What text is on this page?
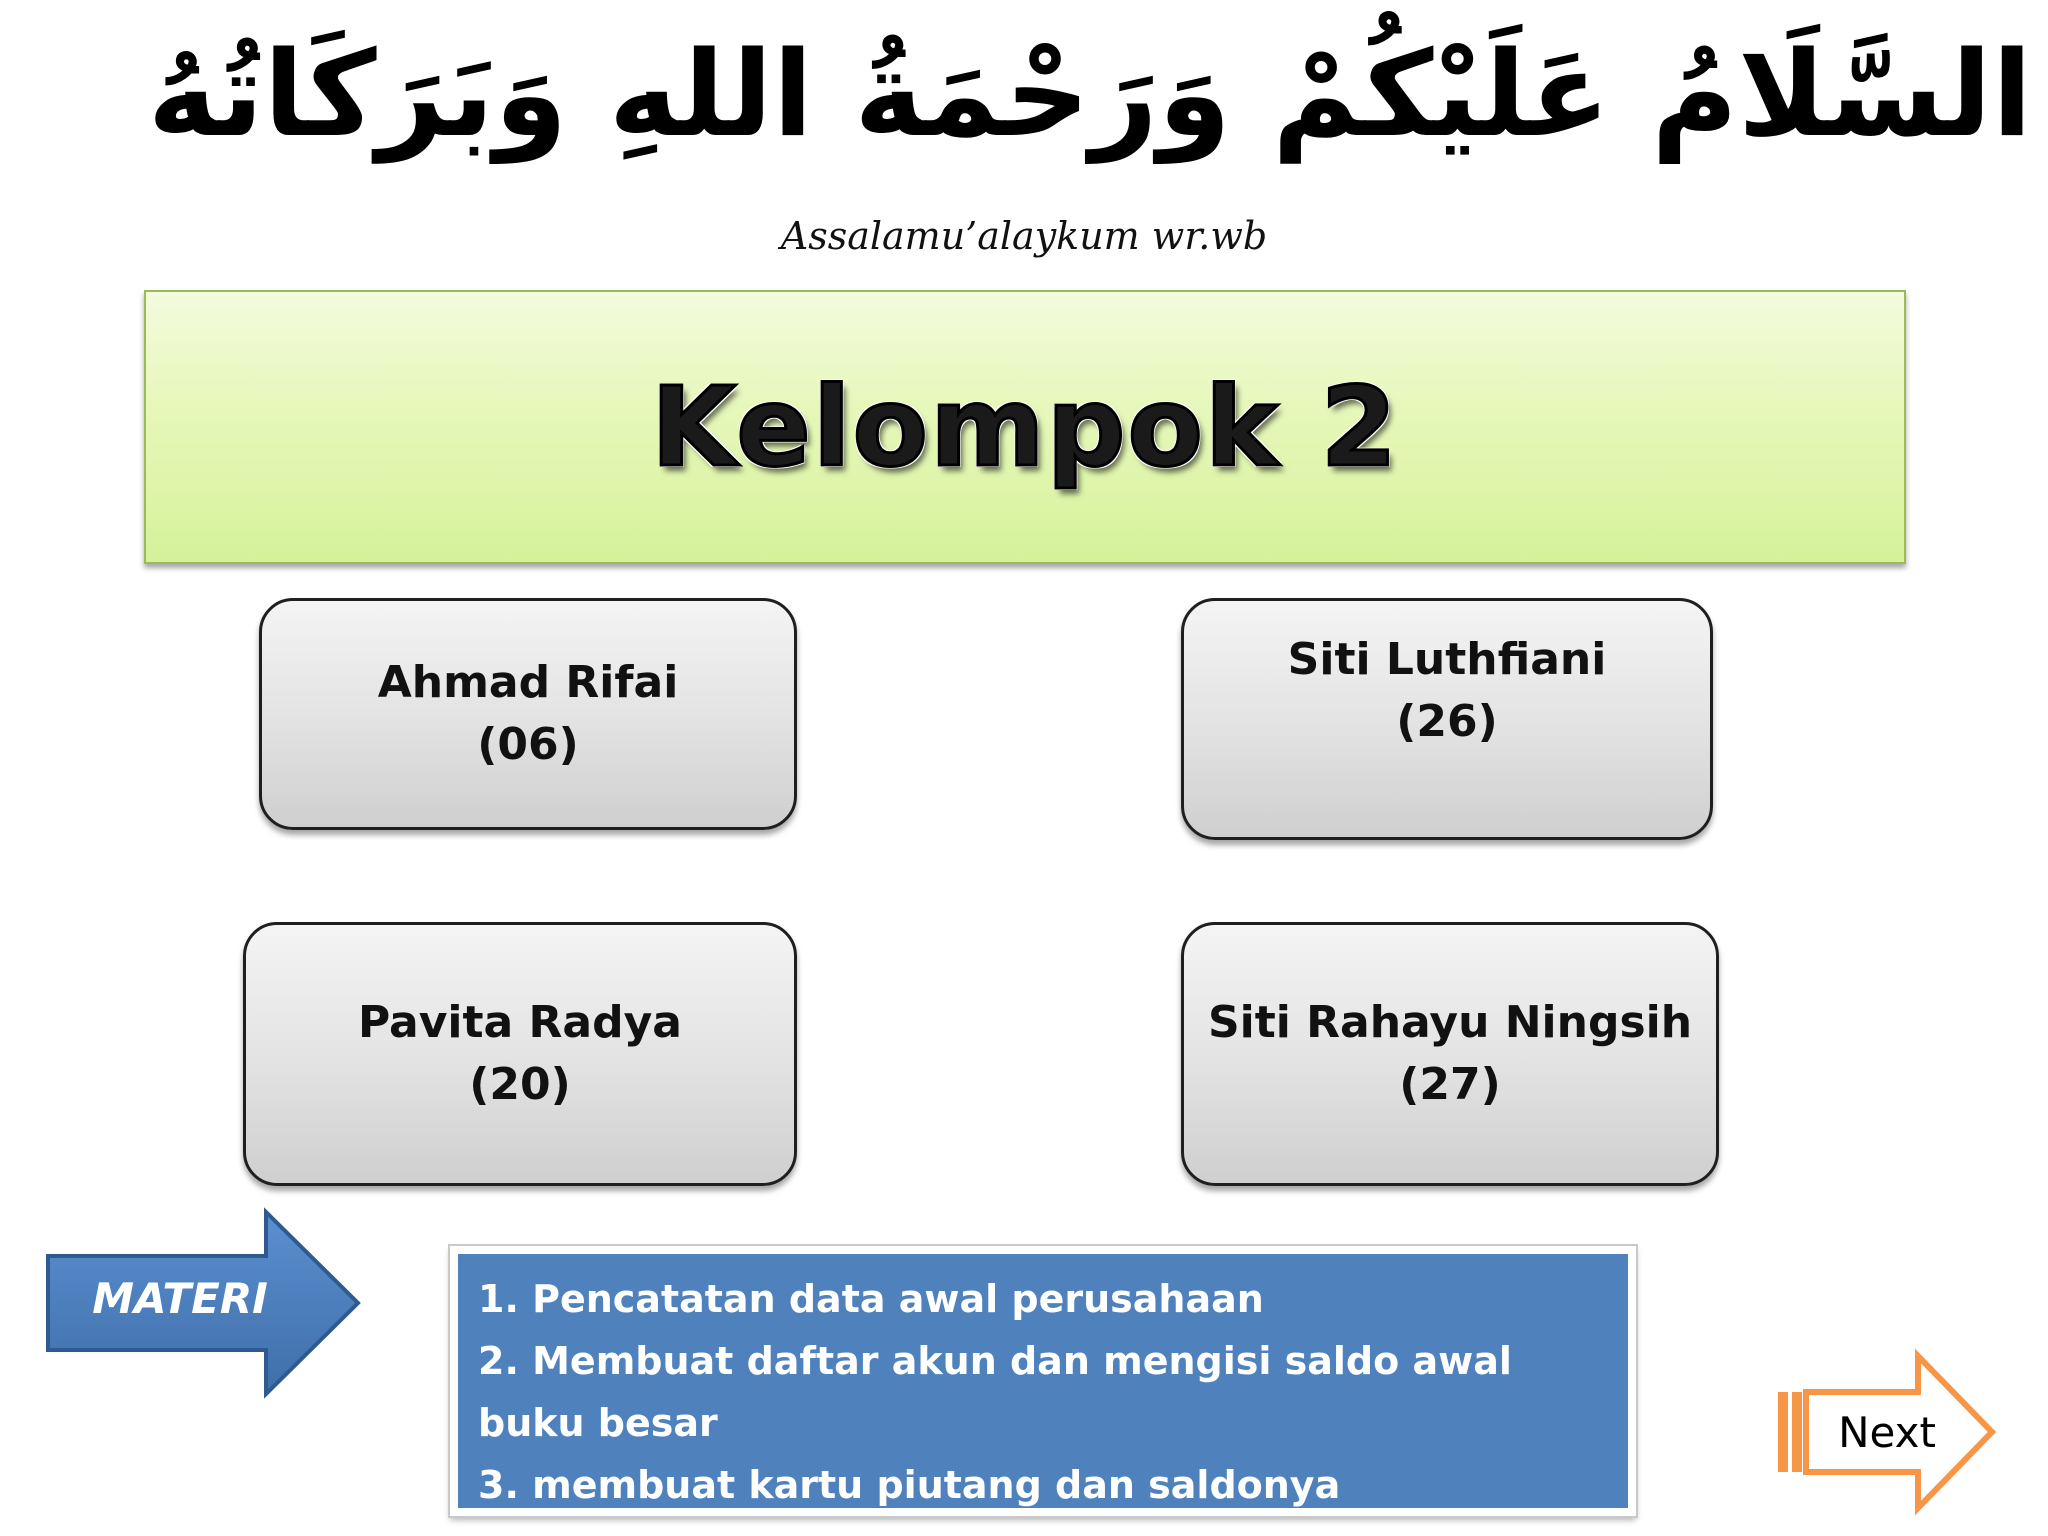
السَّلَامُ عَلَيْكُمْ وَرَحْمَةُ اللهِ وَبَرَكَاتُهُ
Assalamu’alaykum wr.wb
Kelompok 2
Ahmad Rifai
(06)
Siti Luthfiani
(26)
Pavita Radya
(20)
Siti Rahayu Ningsih
(27)
MATERI	1. Pencatatan data awal perusahaan
2. Membuat daftar akun dan mengisi saldo awal
buku besar
3. membuat kartu piutang dan saldonya
Next
